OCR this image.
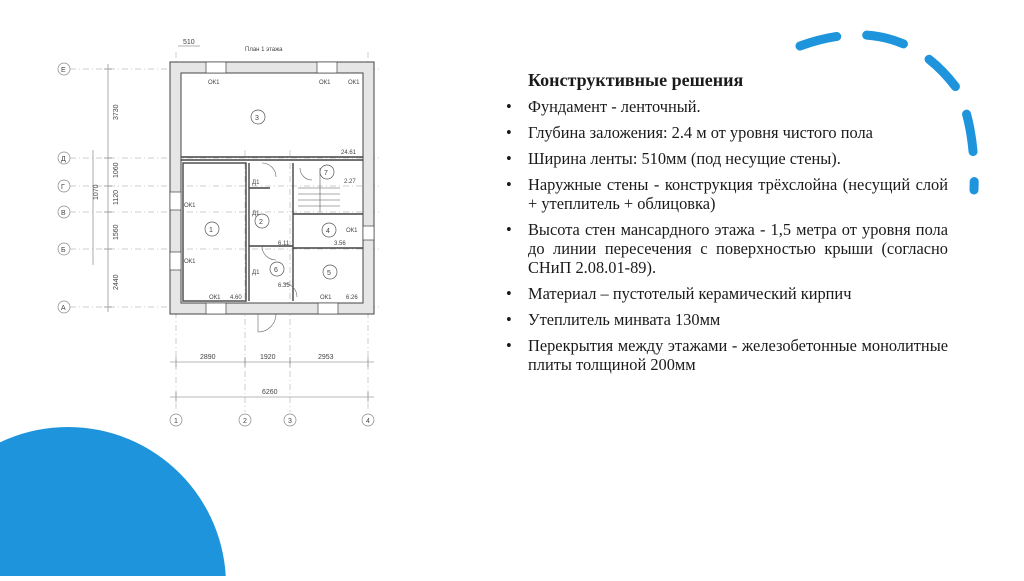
План 1 этажа
510
3730
1060
1070 1120
1560
2440
Е
Д
Г
В
Б
А
1	2	3	4
2890	1920	2953
6260
3
1
2
4
5
6
7
24.61
2.27
3.56
6.26
6.11
4.60
6.35
ОК1	ОК1
ОК1
ОК1
ОК1	ОК1
ОК1
ОК1
Д1
Д1
Д1
Конструктивные решения
• Фундамент - ленточный.
• Глубина заложения: 2.4 м от уровня чистого пола
• Ширина ленты: 510мм (под несущие стены).
• Наружные стены - конструкция трёхслойна (несущий слой + утеплитель + облицовка)
• Высота стен мансардного этажа - 1,5 метра от уровня пола до линии пересечения с поверхностью крыши (согласно СНиП 2.08.01-89).
• Материал – пустотелый керамический кирпич
• Утеплитель минвата 130мм
• Перекрытия между этажами - железобетонные монолитные плиты толщиной 200мм
